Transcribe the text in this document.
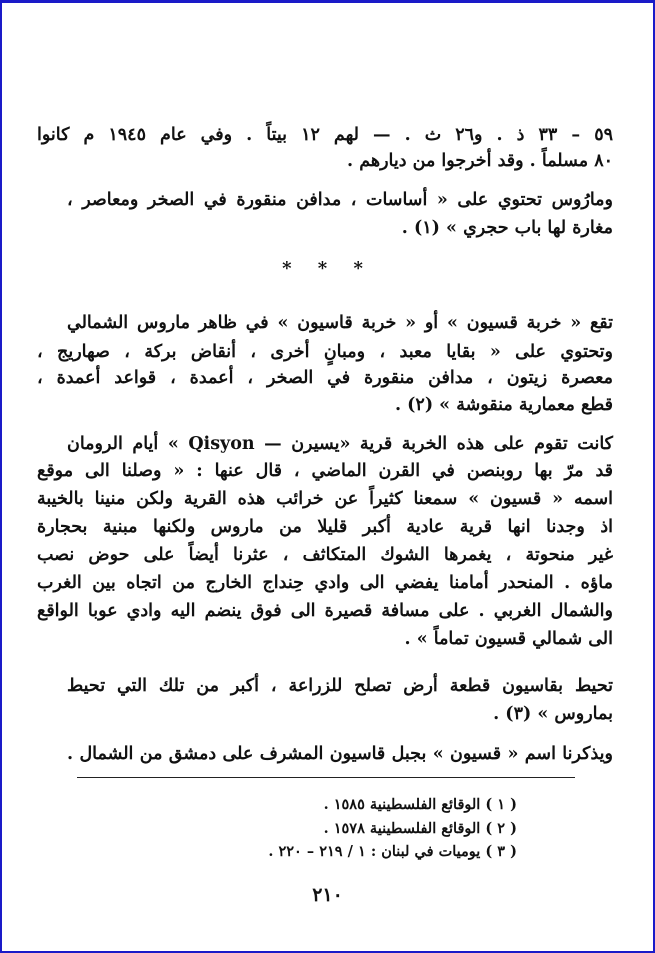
٥٩ – ٣٣ ذ . و٢٦ ث . — لهم ١٢ بيتاً . وفي عام ١٩٤٥ م كانوا
٨٠ مسلماً . وقد أخرجوا من ديارهم .
ومارُوس تحتوي على « أساسات ، مدافن منقورة في الصخر ومعاصر ،
مغارة لها باب حجري » (١) .
* * *
تقع « خربة قسيون » أو « خربة قاسيون » في ظاهر ماروس الشمالي
وتحتوي على « بقايا معبد ، ومبانٍ أخرى ، أنقاض بركة ، صهاريج ،
معصرة زيتون ، مدافن منقورة في الصخر ، أعمدة ، قواعد أعمدة ،
قطع معمارية منقوشة » (٢) .
كانت تقوم على هذه الخربة قرية «يسيرن — Qisyon » أيام الرومان
قد مرّ بها روبنصن في القرن الماضي ، قال عنها : « وصلنا الى موقع
اسمه « قسيون » سمعنا كثيراً عن خرائب هذه القرية ولكن منينا بالخيبة
اذ وجدنا انها قرية عادية أكبر قليلا من ماروس ولكنها مبنية بحجارة
غير منحوتة ، يغمرها الشوك المتكاثف ، عثرنا أيضاً على حوض نصب
ماؤه . المنحدر أمامنا يفضي الى وادي حِنداج الخارج من اتجاه بين الغرب
والشمال الغربي . على مسافة قصيرة الى فوق ينضم اليه وادي عوبا الواقع
الى شمالي قسيون تماماً » .
تحيط بقاسيون قطعة أرض تصلح للزراعة ، أكبر من تلك التي تحيط
بماروس » (٣) .
ويذكرنا اسم « قسيون » بجبل قاسيون المشرف على دمشق من الشمال .
( ١ ) الوقائع الفلسطينية ١٥٨٥ .
( ٢ ) الوقائع الفلسطينية ١٥٧٨ .
( ٣ ) يوميات في لبنان : ١ / ٢١٩ – ٢٢٠ .
٢١٠
